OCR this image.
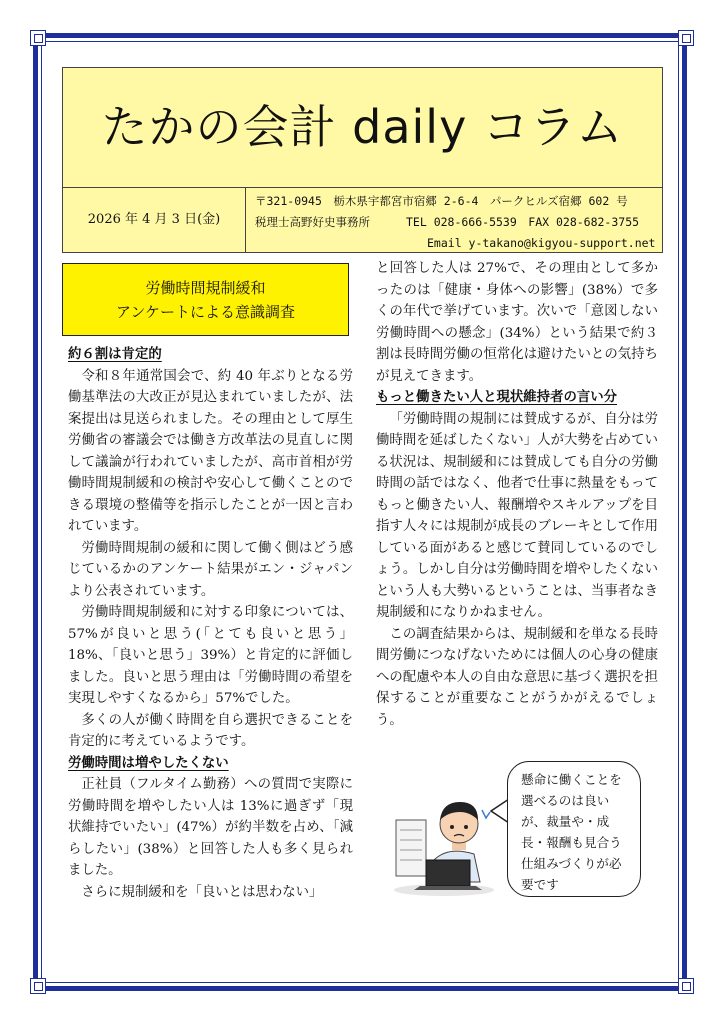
たかの会計 daily コラム
2026 年 4 月 3 日(金)
〒321-0945　栃木県宇都宮市宿郷 2-6-4　パークヒルズ宿郷 602 号
税理士高野好史事務所	TEL 028-666-5539　FAX 028-682-3755
Email y-takano@kigyou-support.net
労働時間規制緩和
アンケートによる意識調査
約６割は肯定的

令和８年通常国会で、約 40 年ぶりとなる労働基準法の大改正が見込まれていましたが、法案提出は見送られました。その理由として厚生労働省の審議会では働き方改革法の見直しに関して議論が行われていましたが、高市首相が労働時間規制緩和の検討や安心して働くことのできる環境の整備等を指示したことが一因と言われています。

労働時間規制の緩和に関して働く側はどう感じているかのアンケート結果がエン・ジャパンより公表されています。

労働時間規制緩和に対する印象については、57%が良いと思う(「とても良いと思う」18%、「良いと思う」39%）と肯定的に評価しました。良いと思う理由は「労働時間の希望を実現しやすくなるから」57%でした。

多くの人が働く時間を自ら選択できることを肯定的に考えているようです。

労働時間は増やしたくない

正社員（フルタイム勤務）への質問で実際に労働時間を増やしたい人は 13%に過ぎず「現状維持でいたい」(47%）が約半数を占め、「減らしたい」(38%）と回答した人も多く見られました。

さらに規制緩和を「良いとは思わない」

と回答した人は 27%で、その理由として多かったのは「健康・身体への影響」(38%）で多くの年代で挙げています。次いで「意図しない労働時間への懸念」(34%）という結果で約３割は長時間労働の恒常化は避けたいとの気持ちが見えてきます。

もっと働きたい人と現状維持者の言い分

「労働時間の規制には賛成するが、自分は労働時間を延ばしたくない」人が大勢を占めている状況は、規制緩和には賛成しても自分の労働時間の話ではなく、他者で仕事に熱量をもってもっと働きたい人、報酬増やスキルアップを目指す人々には規制が成長のブレーキとして作用している面があると感じて賛同しているのでしょう。しかし自分は労働時間を増やしたくないという人も大勢いるということは、当事者なき規制緩和になりかねません。

この調査結果からは、規制緩和を単なる長時間労働につなげないためには個人の心身の健康への配慮や本人の自由な意思に基づく選択を担保することが重要なことがうかがえるでしょう。

懸命に働くことを選べるのは良いが、裁量や・成長・報酬も見合う仕組みづくりが必要です
